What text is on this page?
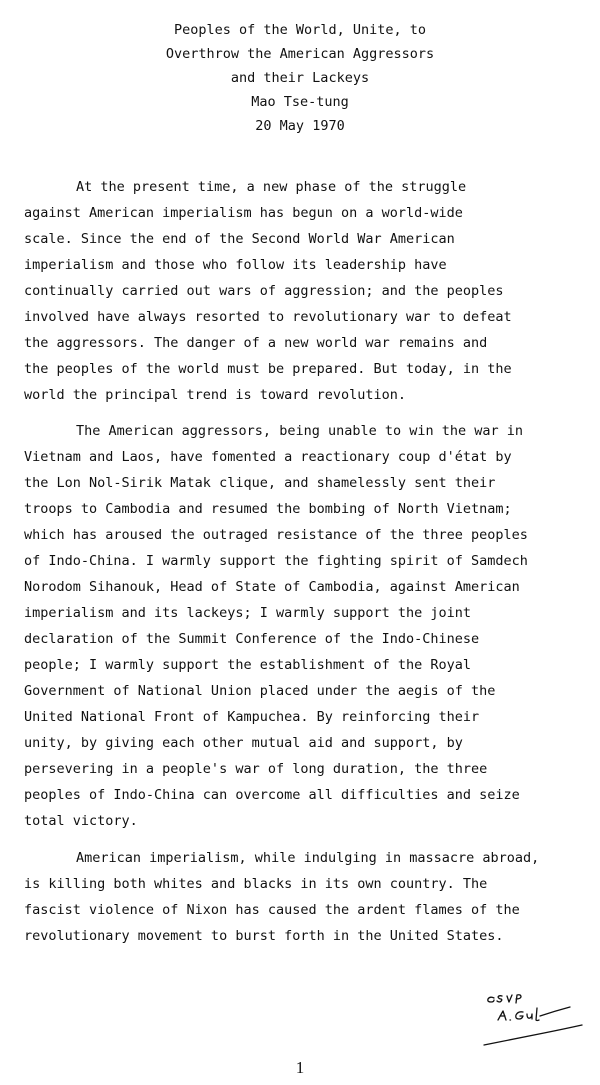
Peoples of the World, Unite, to
Overthrow the American Aggressors
and their Lackeys
Mao Tse-tung
20 May 1970
At the present time, a new phase of the struggle
against American imperialism has begun on a world-wide
scale. Since the end of the Second World War American
imperialism and those who follow its leadership have
continually carried out wars of aggression; and the peoples
involved have always resorted to revolutionary war to defeat
the aggressors. The danger of a new world war remains and
the peoples of the world must be prepared. But today, in the
world the principal trend is toward revolution.
The American aggressors, being unable to win the war in
Vietnam and Laos, have fomented a reactionary coup d'état by
the Lon Nol-Sirik Matak clique, and shamelessly sent their
troops to Cambodia and resumed the bombing of North Vietnam;
which has aroused the outraged resistance of the three peoples
of Indo-China. I warmly support the fighting spirit of Samdech
Norodom Sihanouk, Head of State of Cambodia, against American
imperialism and its lackeys; I warmly support the joint
declaration of the Summit Conference of the Indo-Chinese
people; I warmly support the establishment of the Royal
Government of National Union placed under the aegis of the
United National Front of Kampuchea. By reinforcing their
unity, by giving each other mutual aid and support, by
persevering in a people's war of long duration, the three
peoples of Indo-China can overcome all difficulties and seize
total victory.
American imperialism, while indulging in massacre abroad,
is killing both whites and blacks in its own country. The
fascist violence of Nixon has caused the ardent flames of the
revolutionary movement to burst forth in the United States.
1
